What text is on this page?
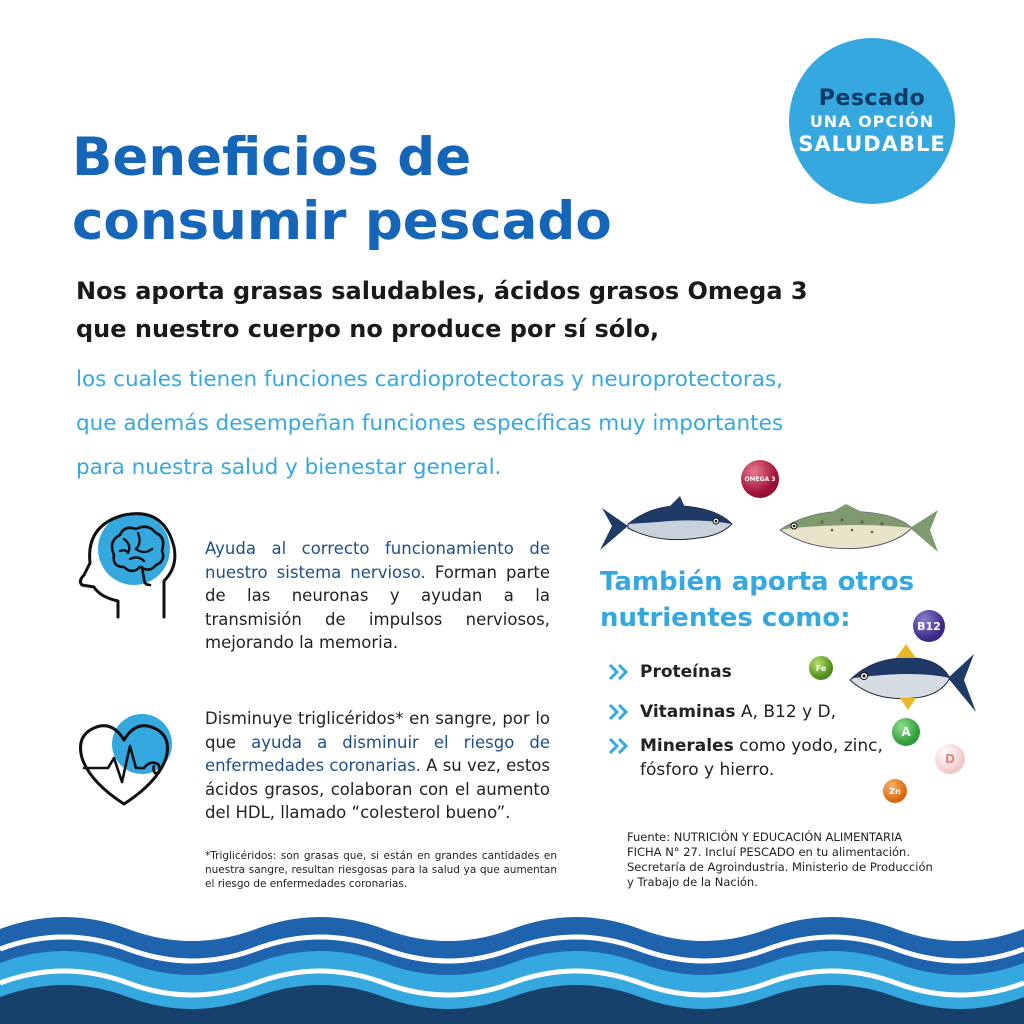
Pescado
UNA OPCIÓN
SALUDABLE
Beneficios de
consumir pescado
Nos aporta grasas saludables, ácidos grasos Omega 3
que nuestro cuerpo no produce por sí sólo,
los cuales tienen funciones cardioprotectoras y neuroprotectoras,
que además desempeñan funciones específicas muy importantes
para nuestra salud y bienestar general.
Ayuda al correcto funcionamiento de nuestro sistema nervioso. Forman parte de las neuronas y ayudan a la transmisión de impulsos nerviosos, mejorando la memoria.
Disminuye triglicéridos* en sangre, por lo que ayuda a disminuir el riesgo de enfermedades coronarias. A su vez, estos ácidos grasos, colaboran con el aumento del HDL, llamado “colesterol bueno”.
*Triglicéridos: son grasas que, si están en grandes cantidades en nuestra sangre, resultan riesgosas para la salud ya que aumentan el riesgo de enfermedades coronarias.
OMEGA 3
También aporta otros
nutrientes como:	B12
Proteínas
Vitaminas A, B12 y D,
Minerales como yodo, zinc, fósforo y hierro.
Fe
A
D
Zn
Fuente: NUTRICIÓN Y EDUCACIÓN ALIMENTARIA
FICHA N° 27. Incluí PESCADO en tu alimentación.
Secretaría de Agroindustria. Ministerio de Producción
y Trabajo de la Nación.
